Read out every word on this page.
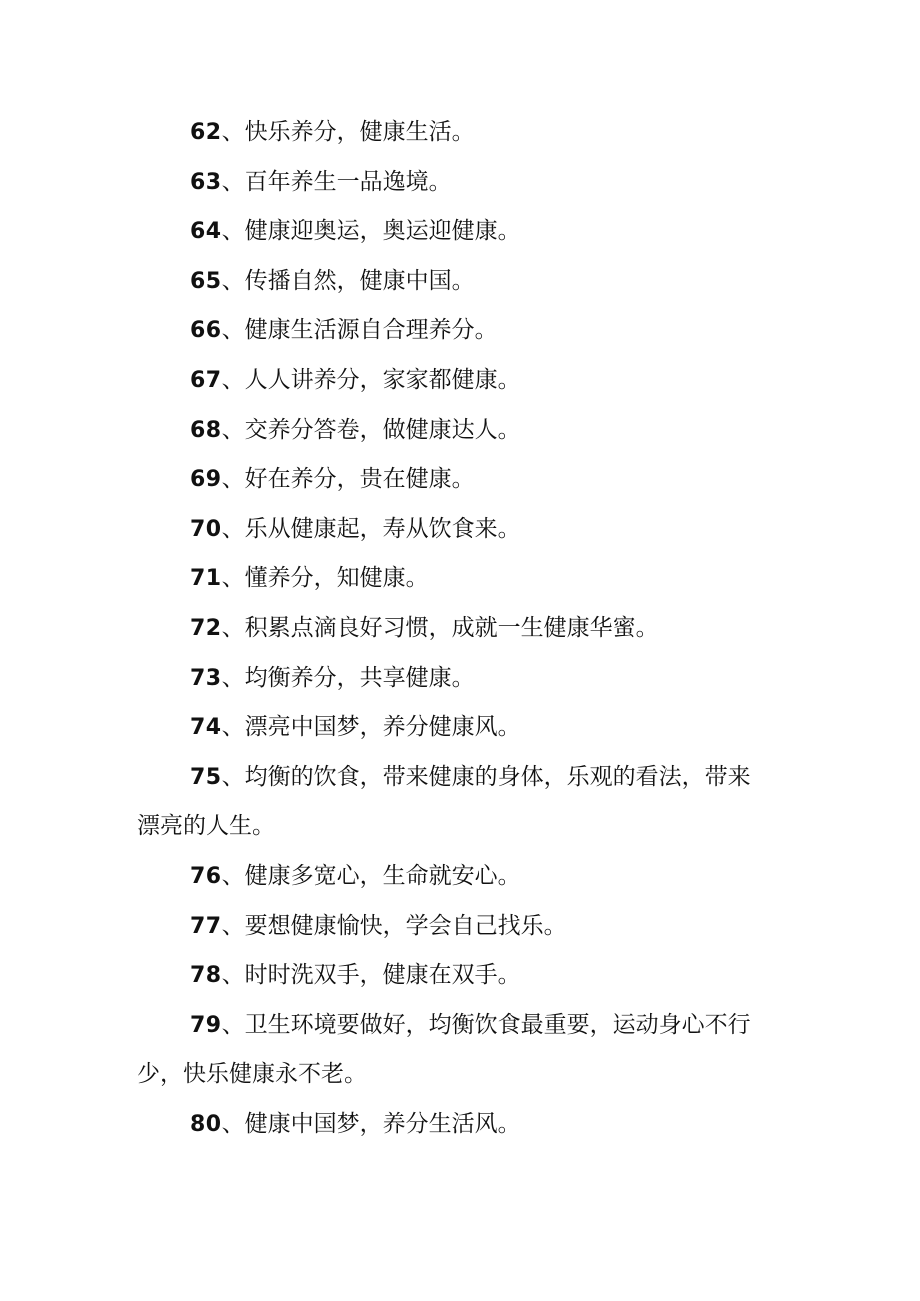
62、快乐养分，健康生活。

63、百年养生一品逸境。

64、健康迎奥运，奥运迎健康。

65、传播自然，健康中国。

66、健康生活源自合理养分。

67、人人讲养分，家家都健康。

68、交养分答卷，做健康达人。

69、好在养分，贵在健康。

70、乐从健康起，寿从饮食来。

71、懂养分，知健康。

72、积累点滴良好习惯，成就一生健康华蜜。

73、均衡养分，共享健康。

74、漂亮中国梦，养分健康风。

75、均衡的饮食，带来健康的身体，乐观的看法，带来漂亮的人生。

76、健康多宽心，生命就安心。

77、要想健康愉快，学会自己找乐。

78、时时洗双手，健康在双手。

79、卫生环境要做好，均衡饮食最重要，运动身心不行少，快乐健康永不老。

80、健康中国梦，养分生活风。
